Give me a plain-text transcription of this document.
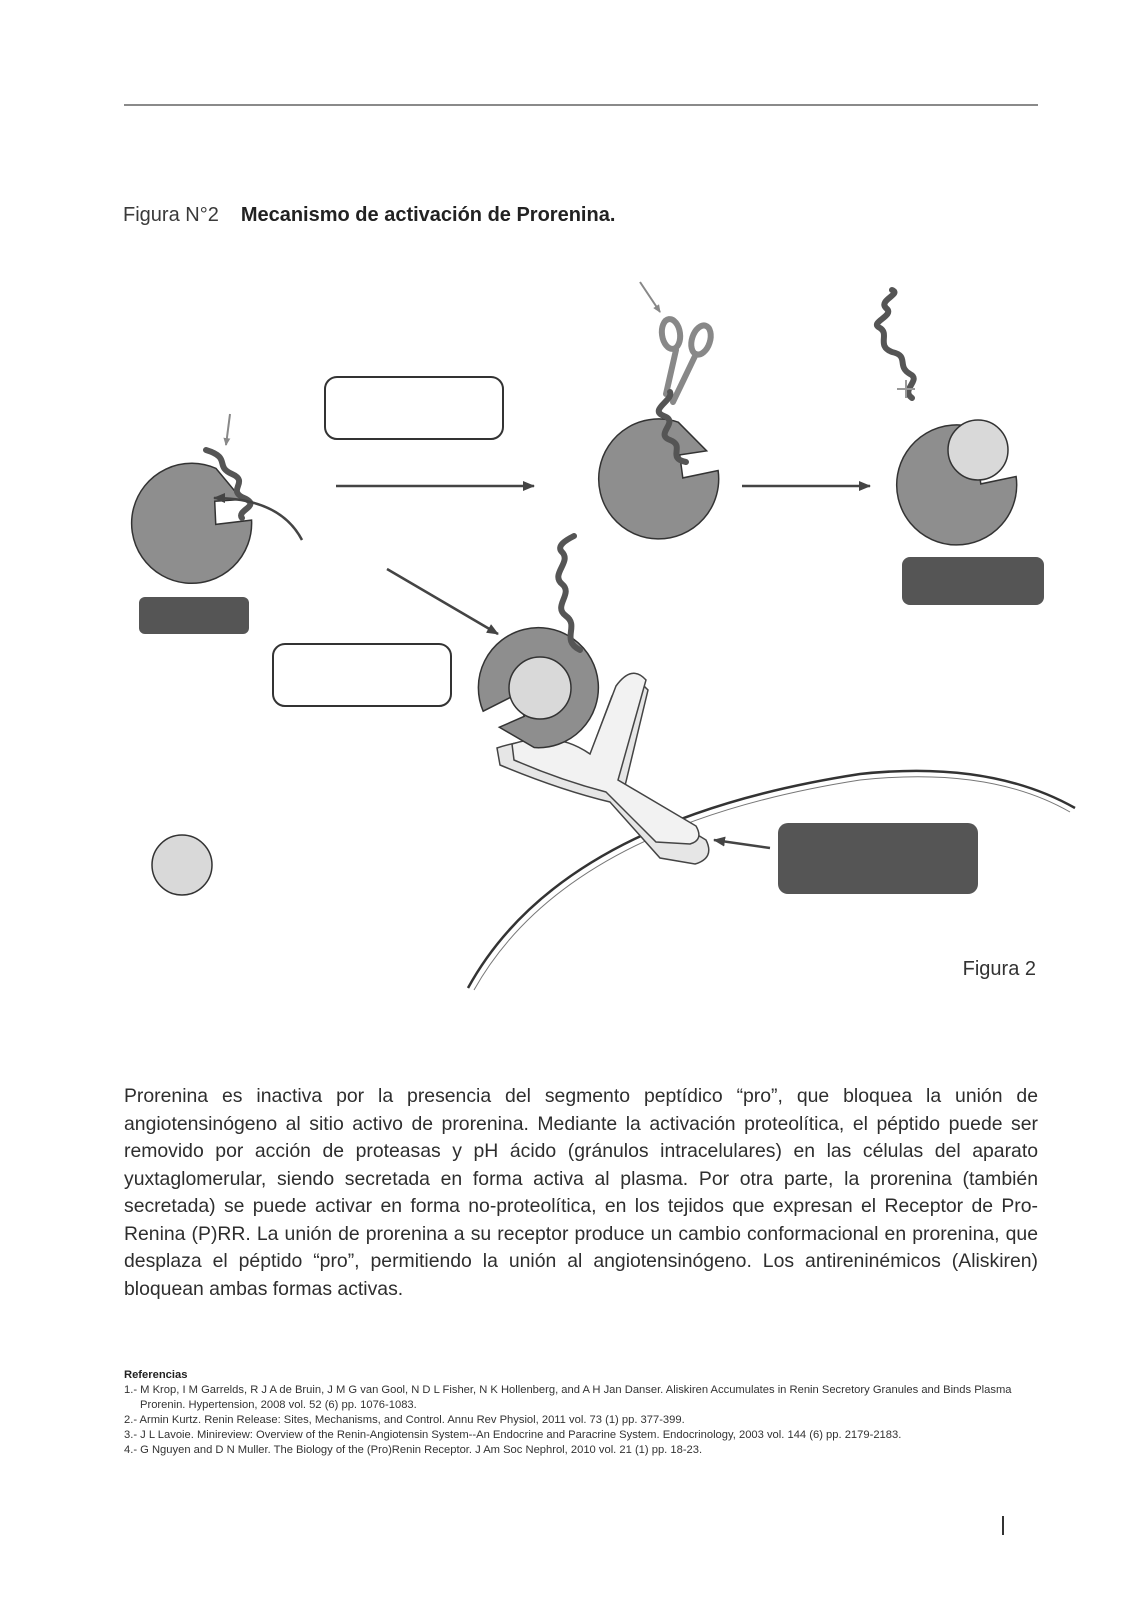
Figura N°2 Mecanismo de activación de Prorenina.
Figura 2
Prorenina es inactiva por la presencia del segmento peptídico “pro”, que bloquea la unión de angiotensinógeno al sitio activo de prorenina. Mediante la activación proteolítica, el péptido puede ser removido por acción de proteasas y pH ácido (gránulos intracelulares) en las células del aparato yuxtaglomerular, siendo secretada en forma activa al plasma. Por otra parte, la prorenina (también secretada) se puede activar en forma no-proteolítica, en los tejidos que expresan el Receptor de Pro-Renina (P)RR. La unión de prorenina a su receptor produce un cambio conformacional en prorenina, que desplaza el péptido “pro”, permitiendo la unión al angiotensinógeno. Los antireninémicos (Aliskiren) bloquean ambas formas activas.
Referencias
1.- M Krop, I M Garrelds, R J A de Bruin, J M G van Gool, N D L Fisher, N K Hollenberg, and A H Jan Danser. Aliskiren Accumulates in Renin Secretory Granules and Binds Plasma Prorenin. Hypertension, 2008 vol. 52 (6) pp. 1076-1083.
2.- Armin Kurtz. Renin Release: Sites, Mechanisms, and Control. Annu Rev Physiol, 2011 vol. 73 (1) pp. 377-399.
3.- J L Lavoie. Minireview: Overview of the Renin-Angiotensin System--An Endocrine and Paracrine System. Endocrinology, 2003 vol. 144 (6) pp. 2179-2183.
4.- G Nguyen and D N Muller. The Biology of the (Pro)Renin Receptor. J Am Soc Nephrol, 2010 vol. 21 (1) pp. 18-23.
